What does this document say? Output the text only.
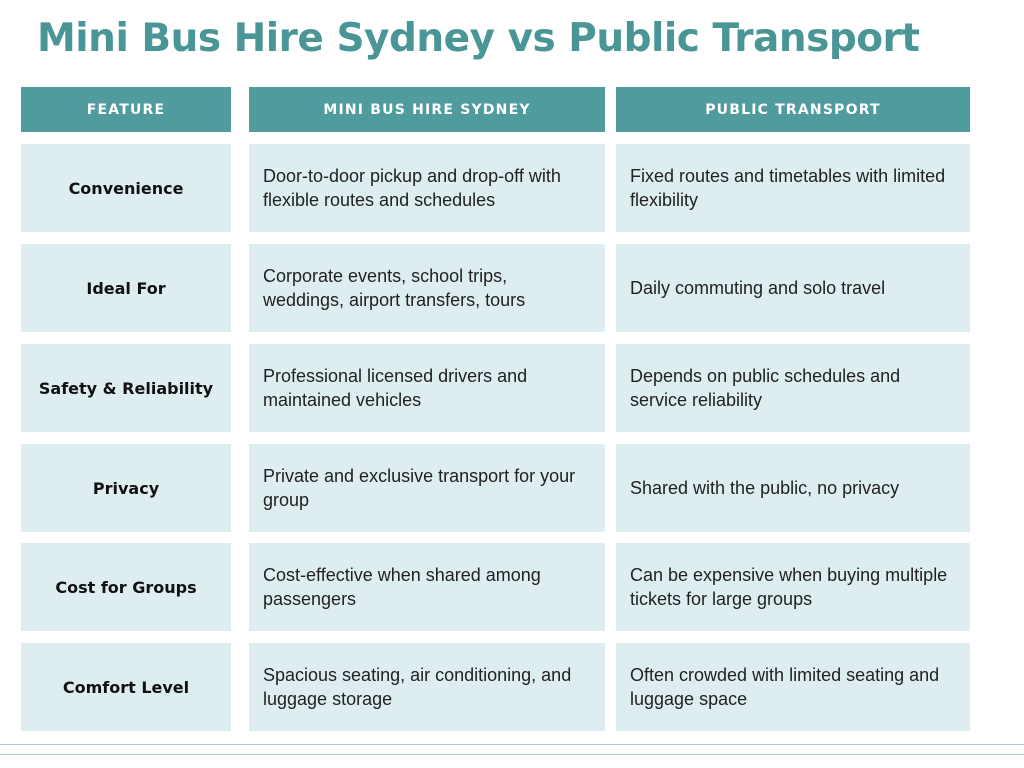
Mini Bus Hire Sydney vs Public Transport
FEATURE	MINI BUS HIRE SYDNEY	PUBLIC TRANSPORT
Convenience
Door-to-door pickup and drop-off with flexible routes and schedules
Fixed routes and timetables with limited flexibility
Ideal For
Corporate events, school trips, weddings, airport transfers, tours
Daily commuting and solo travel
Safety & Reliability
Professional licensed drivers and maintained vehicles
Depends on public schedules and service reliability
Privacy
Private and exclusive transport for your group
Shared with the public, no privacy
Cost for Groups
Cost-effective when shared among passengers
Can be expensive when buying multiple tickets for large groups
Comfort Level
Spacious seating, air conditioning, and luggage storage
Often crowded with limited seating and luggage space
